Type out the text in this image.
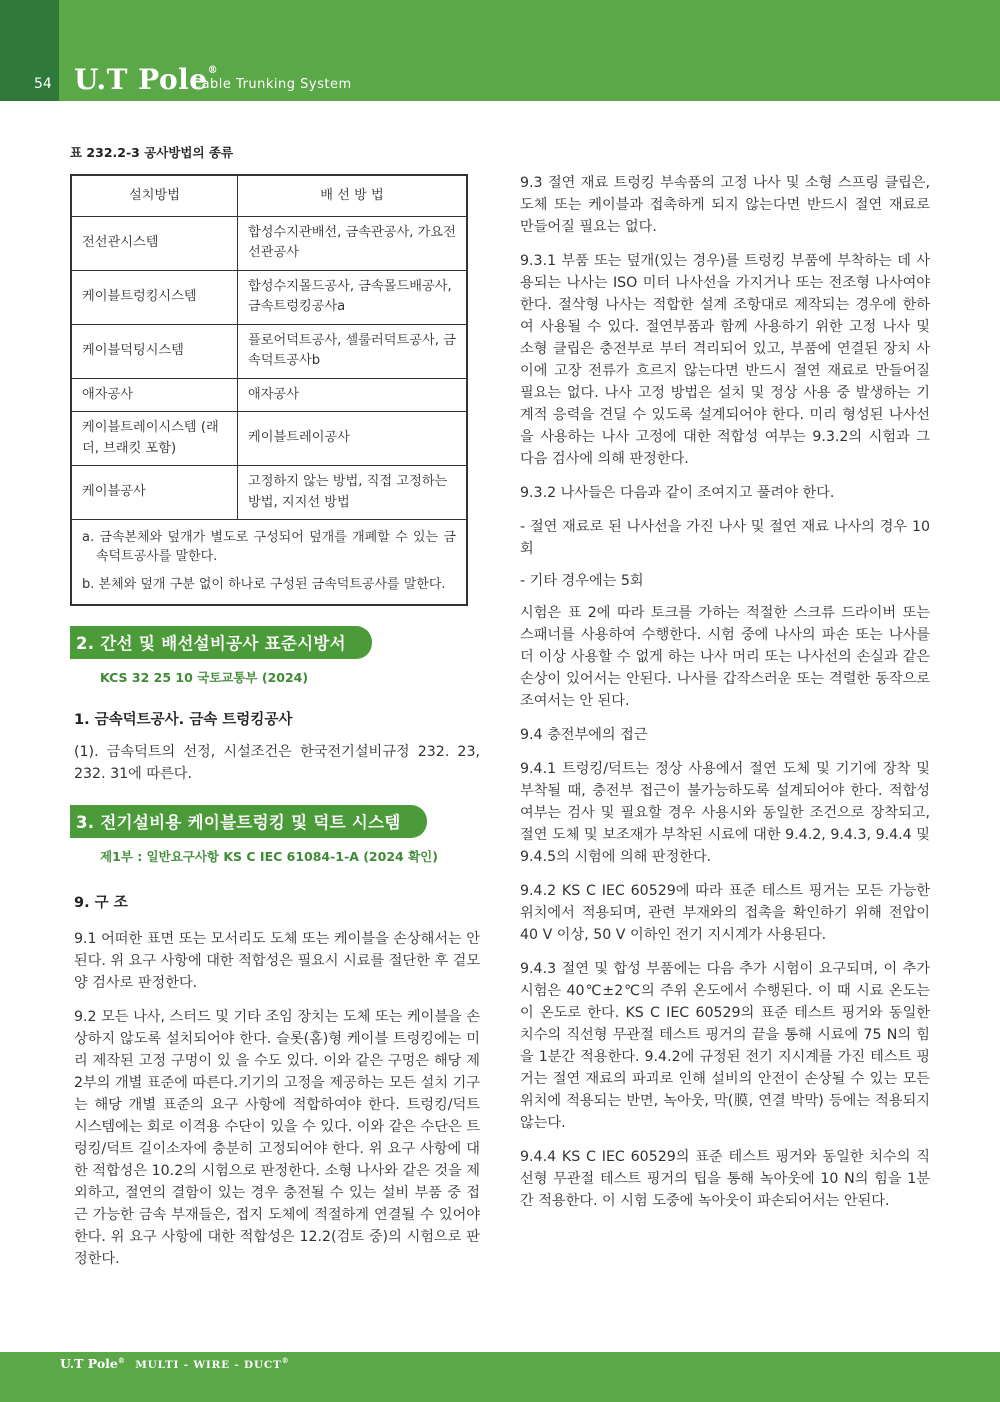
54 U.T Pole®
Cable Trunking System
표 232.2-3 공사방법의 종류
설치방법	배 선 방 법
전선관시스템	합성수지관배선, 금속관공사, 가요전선관공사
케이블트렁킹시스템	합성수지몰드공사, 금속몰드배공사, 금속트렁킹공사a
케이블덕팅시스템	플로어덕트공사, 셀룰러덕트공사, 금속덕트공사b
애자공사	애자공사
케이블트레이시스템 (래더, 브래킷 포함)	케이블트레이공사
케이블공사	고정하지 않는 방법, 직접 고정하는 방법, 지지선 방법

a. 금속본체와 덮개가 별도로 구성되어 덮개를 개폐할 수 있는 금속덕트공사를 말한다.
b. 본체와 덮개 구분 없이 하나로 구성된 금속덕트공사를 말한다.	
2. 간선 및 배선설비공사 표준시방서
KCS 32 25 10 국토교통부 (2024)
1. 금속덕트공사. 금속 트렁킹공사
(1). 금속덕트의 선정, 시설조건은 한국전기설비규정 232. 23, 232. 31에 따른다.
3. 전기설비용 케이블트렁킹 및 덕트 시스템
제1부 : 일반요구사항 KS C IEC 61084-1-A (2024 확인)
9. 구 조
9.1 어떠한 표면 또는 모서리도 도체 또는 케이블을 손상해서는 안 된다. 위 요구 사항에 대한 적합성은 필요시 시료를 절단한 후 겉모양 검사로 판정한다.
9.2 모든 나사, 스터드 및 기타 조임 장치는 도체 또는 케이블을 손상하지 않도록 설치되어야 한다. 슬롯(홈)형 케이블 트렁킹에는 미리 제작된 고정 구멍이 있 을 수도 있다. 이와 같은 구멍은 해당 제2부의 개별 표준에 따른다.기기의 고정을 제공하는 모든 설치 기구는 해당 개별 표준의 요구 사항에 적합하여야 한다. 트렁킹/덕트 시스템에는 회로 이격용 수단이 있을 수 있다. 이와 같은 수단은 트렁킹/덕트 길이소자에 충분히 고정되어야 한다. 위 요구 사항에 대한 적합성은 10.2의 시험으로 판정한다. 소형 나사와 같은 것을 제외하고, 절연의 결함이 있는 경우 충전될 수 있는 설비 부품 중 접근 가능한 금속 부재들은, 접지 도체에 적절하게 연결될 수 있어야 한다. 위 요구 사항에 대한 적합성은 12.2(검토 중)의 시험으로 판정한다.
9.3 절연 재료 트렁킹 부속품의 고정 나사 및 소형 스프링 클립은, 도체 또는 케이블과 접촉하게 되지 않는다면 반드시 절연 재료로 만들어질 필요는 없다.
9.3.1 부품 또는 덮개(있는 경우)를 트렁킹 부품에 부착하는 데 사 용되는 나사는 ISO 미터 나사선을 가지거나 또는 전조형 나사여야 한다. 절삭형 나사는 적합한 설계 조항대로 제작되는 경우에 한하여 사용될 수 있다. 절연부품과 함께 사용하기 위한 고정 나사 및 소형 클립은 충전부로 부터 격리되어 있고, 부품에 연결된 장치 사이에 고장 전류가 흐르지 않는다면 반드시 절연 재료로 만들어질 필요는 없다. 나사 고정 방법은 설치 및 정상 사용 중 발생하는 기계적 응력을 견딜 수 있도록 설계되어야 한다. 미리 형성된 나사선을 사용하는 나사 고정에 대한 적합성 여부는 9.3.2의 시험과 그 다음 검사에 의해 판정한다.
9.3.2 나사들은 다음과 같이 조여지고 풀려야 한다.
- 절연 재료로 된 나사선을 가진 나사 및 절연 재료 나사의 경우 10회
- 기타 경우에는 5회
시험은 표 2에 따라 토크를 가하는 적절한 스크류 드라이버 또는 스패너를 사용하여 수행한다. 시험 중에 나사의 파손 또는 나사를 더 이상 사용할 수 없게 하는 나사 머리 또는 나사선의 손실과 같은 손상이 있어서는 안된다. 나사를 갑작스러운 또는 격렬한 동작으로 조여서는 안 된다.
9.4 충전부에의 접근
9.4.1 트렁킹/덕트는 정상 사용에서 절연 도체 및 기기에 장착 및 부착될 때, 충전부 접근이 불가능하도록 설계되어야 한다. 적합성 여부는 검사 및 필요할 경우 사용시와 동일한 조건으로 장착되고, 절연 도체 및 보조재가 부착된 시료에 대한 9.4.2, 9.4.3, 9.4.4 및 9.4.5의 시험에 의해 판정한다.
9.4.2 KS C IEC 60529에 따라 표준 테스트 핑거는 모든 가능한 위치에서 적용되며, 관련 부재와의 접촉을 확인하기 위해 전압이 40 V 이상, 50 V 이하인 전기 지시계가 사용된다.
9.4.3 절연 및 합성 부품에는 다음 추가 시험이 요구되며, 이 추가 시험은 40℃±2℃의 주위 온도에서 수행된다. 이 때 시료 온도는 이 온도로 한다. KS C IEC 60529의 표준 테스트 핑거와 동일한 치수의 직선형 무관절 테스트 핑거의 끝을 통해 시료에 75 N의 힘을 1분간 적용한다. 9.4.2에 규정된 전기 지시계를 가진 테스트 핑거는 절연 재료의 파괴로 인해 설비의 안전이 손상될 수 있는 모든 위치에 적용되는 반면, 녹아웃, 막(膜, 연결 박막) 등에는 적용되지 않는다.
9.4.4 KS C IEC 60529의 표준 테스트 핑거와 동일한 치수의 직선형 무관절 테스트 핑거의 팁을 통해 녹아웃에 10 N의 힘을 1분간 적용한다. 이 시험 도중에 녹아웃이 파손되어서는 안된다.
U.T Pole® MULTI - WIRE - DUCT®
